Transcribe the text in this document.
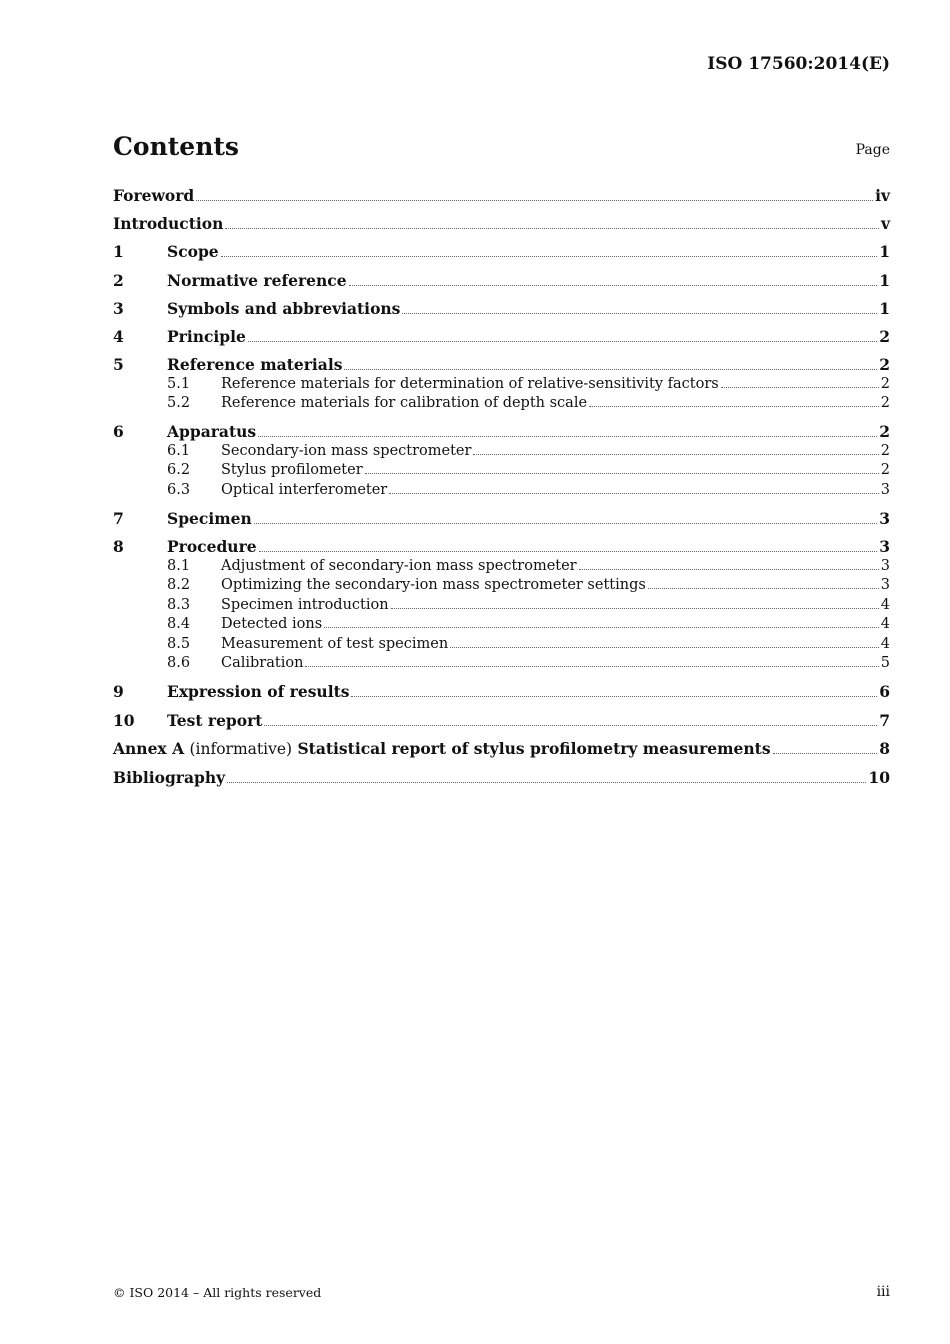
ISO 17560:2014(E)
Contents	Page
Foreword	iv
Introduction	v
1	Scope	1
2	Normative reference	1
3	Symbols and abbreviations	1
4	Principle	2
5	Reference materials	2
5.1	Reference materials for determination of relative-sensitivity factors	2
5.2	Reference materials for calibration of depth scale	2
6	Apparatus	2
6.1	Secondary-ion mass spectrometer	2
6.2	Stylus profilometer	2
6.3	Optical interferometer	3
7	Specimen	3
8	Procedure	3
8.1	Adjustment of secondary-ion mass spectrometer	3
8.2	Optimizing the secondary-ion mass spectrometer settings	3
8.3	Specimen introduction	4
8.4	Detected ions	4
8.5	Measurement of test specimen	4
8.6	Calibration	5
9	Expression of results	6
10	Test report	7
Annex A (informative) Statistical report of stylus profilometry measurements	8
Bibliography	10
© ISO 2014 – All rights reserved	iii
